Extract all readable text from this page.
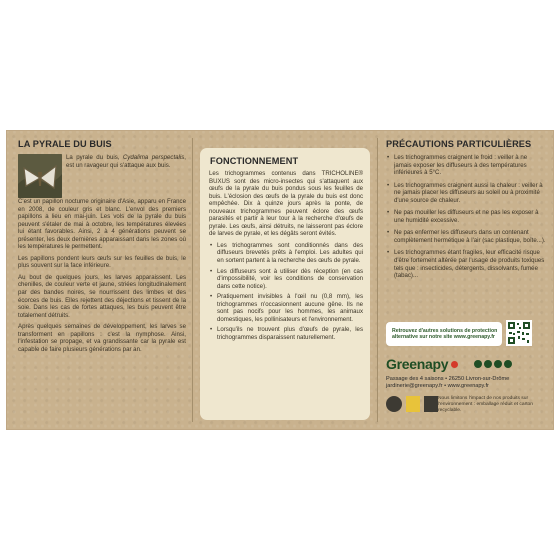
LA PYRALE DU BUIS

La pyrale du buis, Cydalima perspectalis, est un ravageur qui s'attaque aux buis.

C'est un papillon nocturne originaire d'Asie, apparu en France en 2008, de couleur gris et blanc. L'envol des premiers papillons a lieu en mai-juin. Les vols de la pyrale du buis peuvent s'étaler de mai à octobre, les températures élevées lui étant favorables. Ainsi, 2 à 4 générations peuvent se présenter, les deux dernières apparaissant dans les zones où les températures le permettent.

Les papillons pondent leurs œufs sur les feuilles de buis, le plus souvent sur la face inférieure.

Au bout de quelques jours, les larves apparaissent. Les chenilles, de couleur verte et jaune, striées longitudinalement par des bandes noires, se nourrissent des limbes et des écorces de buis. Elles rejettent des déjections et tissent de la soie. Dans les cas de fortes attaques, les buis peuvent être totalement détruits.

Après quelques semaines de développement, les larves se transforment en papillons : c'est la nymphose. Ainsi, l'infestation se propage, et va grandissante car la pyrale est capable de faire plusieurs générations par an.

FONCTIONNEMENT

Les trichogrammes contenus dans TRICHOLINE® BUXUS sont des micro-insectes qui s'attaquent aux œufs de la pyrale du buis pondus sous les feuilles de buis. L'éclosion des œufs de la pyrale du buis est donc empêchée. Dix à quinze jours après la ponte, de nouveaux trichogrammes peuvent éclore des œufs parasités et partir à leur tour à la recherche d'œufs de pyrale. Les œufs, ainsi détruits, ne laisseront pas éclore de larves de pyrale, et les dégâts seront évités.

• Les trichogrammes sont conditionnés dans des diffuseurs brevetés prêts à l'emploi. Les adultes qui en sortent partent à la recherche des œufs de pyrale.
• Les diffuseurs sont à utiliser dès réception (en cas d'impossibilité, voir les conditions de conservation dans cette notice).
• Pratiquement invisibles à l'œil nu (0,8 mm), les trichogrammes n'occasionnent aucune gêne. Ils ne sont pas nocifs pour les hommes, les animaux domestiques, les pollinisateurs et l'environnement.
• Lorsqu'ils ne trouvent plus d'œufs de pyrale, les trichogrammes disparaissent naturellement.
PRÉCAUTIONS PARTICULIÈRES
• Les trichogrammes craignent le froid : veiller à ne jamais exposer les diffuseurs à des températures inférieures à 5°C.
• Les trichogrammes craignent aussi la chaleur : veiller à ne jamais placer les diffuseurs au soleil ou à proximité d'une source de chaleur.
• Ne pas mouiller les diffuseurs et ne pas les exposer à une humidité excessive.
• Ne pas enfermer les diffuseurs dans un contenant complètement hermétique à l'air (sac plastique, boîte...).
• Les trichogrammes étant fragiles, leur efficacité risque d'être fortement altérée par l'usage de produits toxiques tels que : insecticides, détergents, dissolvants, fumée (tabac)...
Retrouvez d'autres solutions de protection
alternative sur notre site www.greenapy.fr
Greenapy
Passage des 4 saisons • 26250 Livron-sur-Drôme
jardinerie@greenapy.fr • www.greenapy.fr
Nous limitons l'impact de nos produits sur l'environnement : emballage réduit et carton recyclable.
